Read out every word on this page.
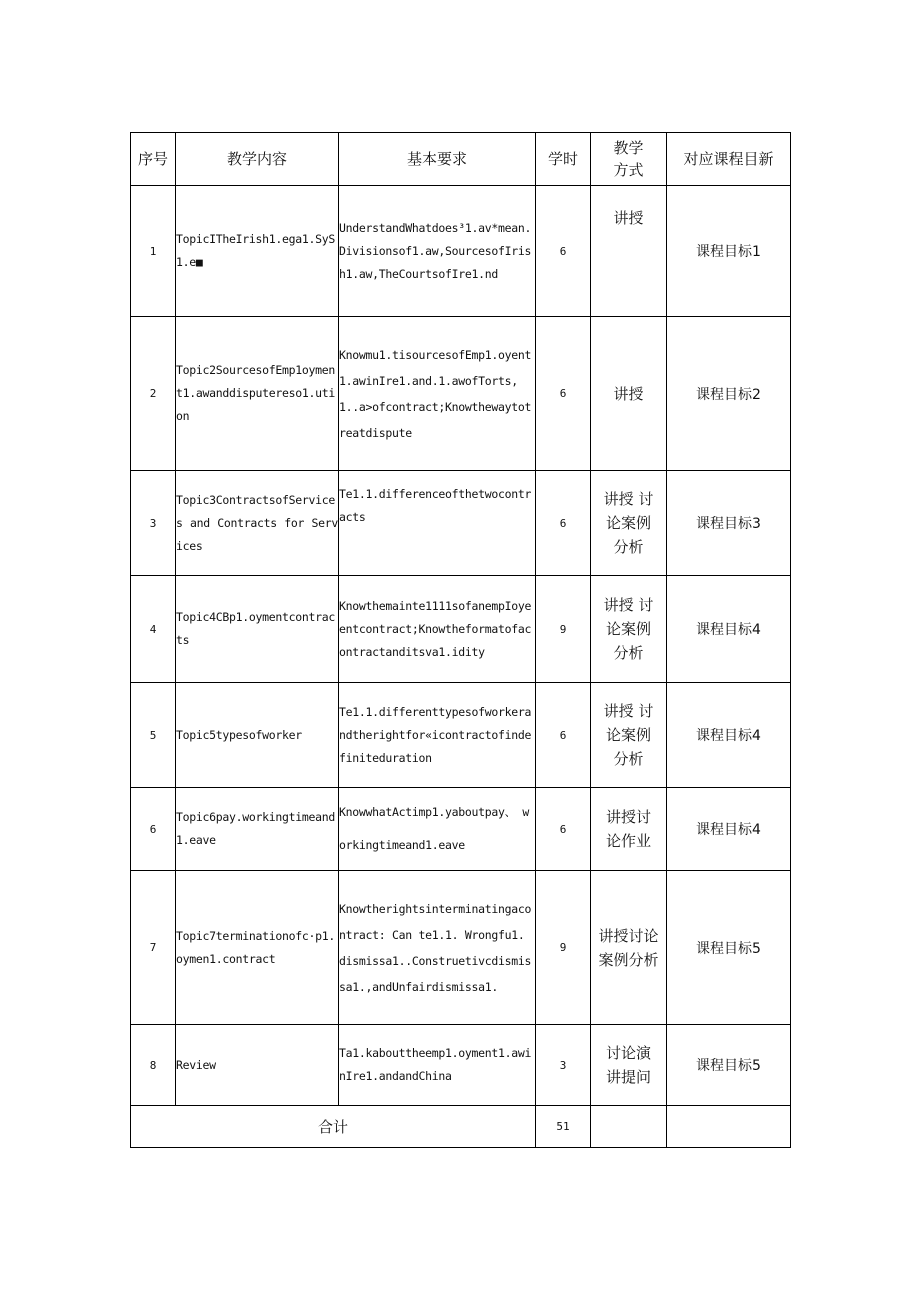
序号	教学内容	基本要求	学时	教学方式	对应课程目新
1	TopicITheIrish1.ega1.SyS1.e■	UnderstandWhatdoes³1.av*mean.Divisionsof1.aw,SourcesofIrish1.aw,TheCourtsofIre1.nd	6	讲授	课程目标1
2	Topic2SourcesofEmp1oyment1.awanddisputereso1.ution	Knowmu1.tisourcesofEmp1.oyent1.awinIre1.and.1.awofTorts,1..a>ofcontract;Knowthewaytotreatdispute	6	讲授	课程目标2
3	Topic3ContractsofServices and Contracts for Services	Te1.1.differenceofthetwocontracts	6	讲授 讨论案例 分析	课程目标3
4	Topic4CBp1.oymentcontracts	Knowthemainte1111sofanempIoyeentcontract;Knowtheformatofacontractanditsva1.idity	9	讲授 讨论案例 分析	课程目标4
5	Topic5typesofworker	Te1.1.differenttypesofworkerandtherightfor«icontractofindefiniteduration	6	讲授 讨论案例 分析	课程目标4
6	Topic6pay.workingtimeand1.eave	KnowwhatActimp1.yaboutpay、 workingtimeand1.eave	6	讲授讨 论作业	课程目标4
7	Topic7terminationofc·p1.oymen1.contract	Knowtherightsinterminatingacontract: Can te1.1. Wrongfu1. dismissa1..Construetivcdismissa1.,andUnfairdismissa1.	9	讲授讨论 案例分析	课程目标5
8	Review	Ta1.kabouttheemp1.oyment1.awinIre1.andandChina	3	讨论演 讲提问	课程目标5
合计			51		
